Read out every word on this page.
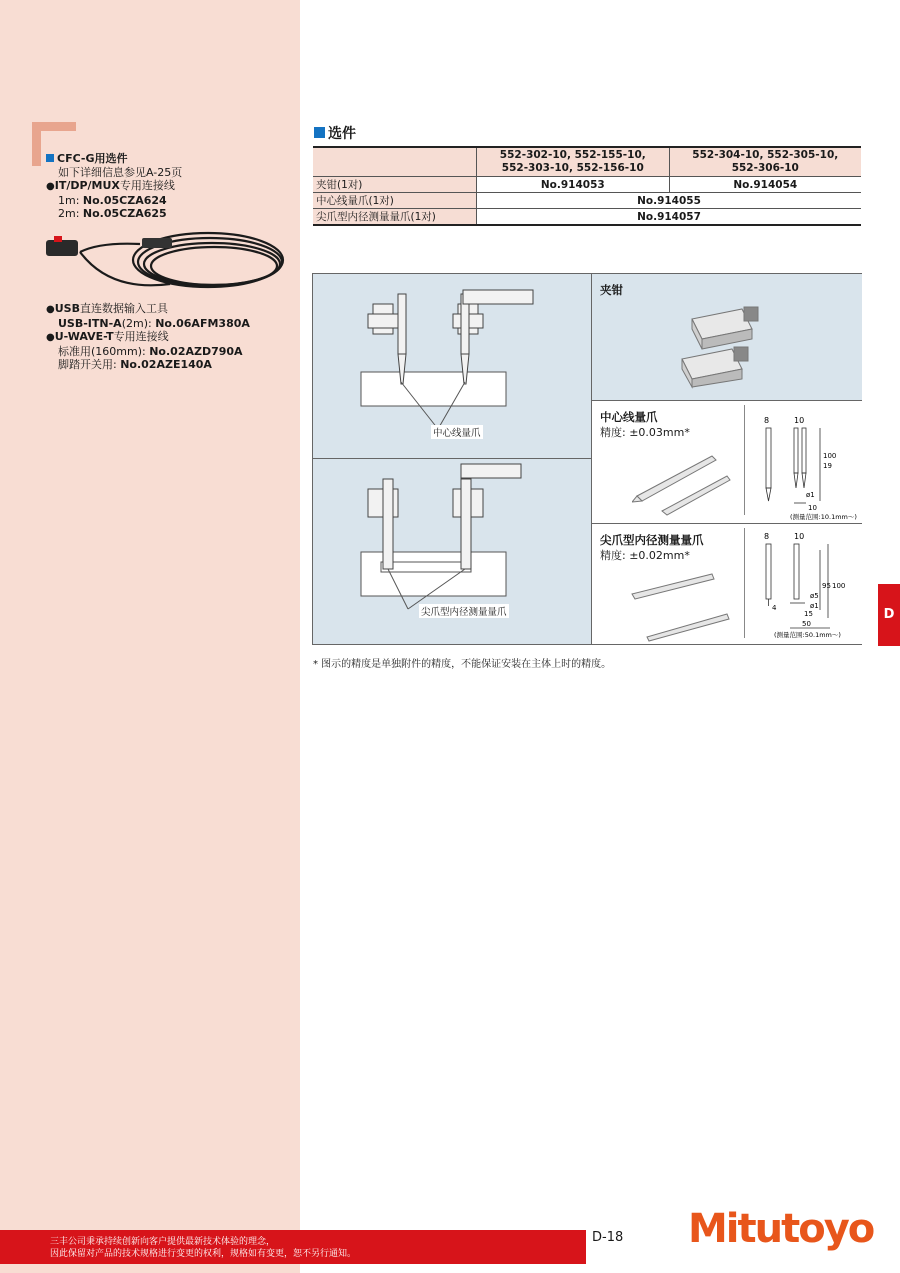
CFC-G用选件
如下详细信息参见A-25页
●IT/DP/MUX专用连接线
1m: No.05CZA624
2m: No.05CZA625
●USB直连数据输入工具
USB-ITN-A(2m): No.06AFM380A
●U-WAVE-T专用连接线
标准用(160mm): No.02AZD790A
脚踏开关用: No.02AZE140A
选件
	552-302-10, 552-155-10,
552-303-10, 552-156-10	552-304-10, 552-305-10,
552-306-10
夹钳(1对)	No.914053	No.914054
中心线量爪(1对)	No.914055	
尖爪型内径测量量爪(1对)	No.914057	
中心线量爪
尖爪型内径测量量爪
夹钳
中心线量爪
精度: ±0.03mm*
8	10
19
100
ø1
10
(测量范围:10.1mm～)
尖爪型内径测量量爪
精度: ±0.02mm*
8	10
100
95
ø5
ø1
4
15
50
(测量范围:50.1mm～)
* 图示的精度是单独附件的精度，不能保证安装在主体上时的精度。
D
三丰公司秉承持续创新向客户提供最新技术体验的理念，
因此保留对产品的技术规格进行变更的权利，规格如有变更，恕不另行通知。
D-18 Mitutoyo
